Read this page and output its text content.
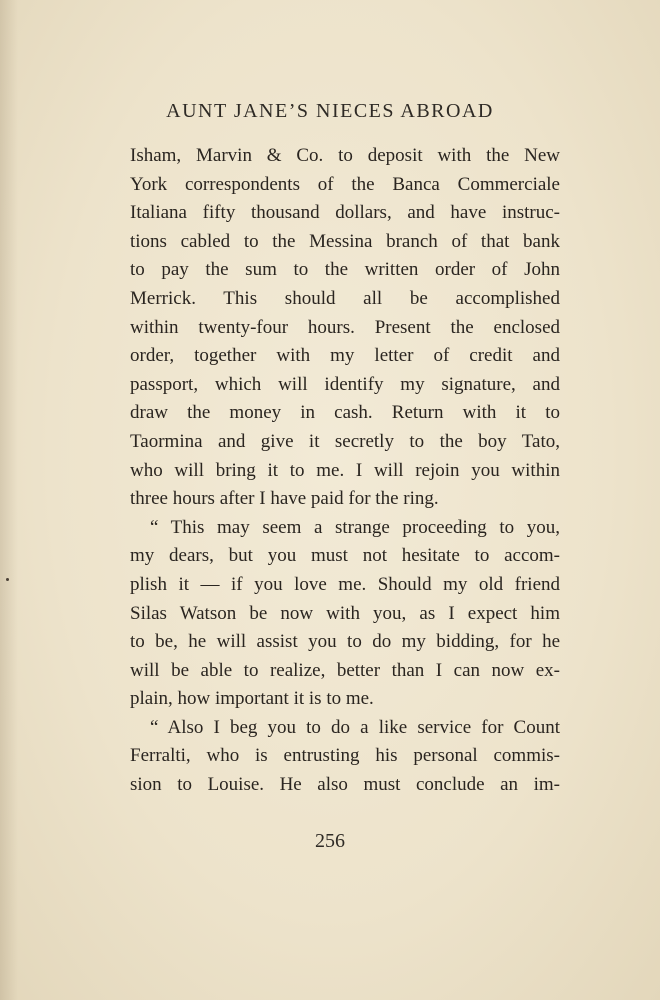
AUNT JANE’S NIECES ABROAD
Isham, Marvin & Co. to deposit with the New
York correspondents of the Banca Commerciale
Italiana fifty thousand dollars, and have instruc-
tions cabled to the Messina branch of that bank
to pay the sum to the written order of John
Merrick. This should all be accomplished
within twenty-four hours. Present the enclosed
order, together with my letter of credit and
passport, which will identify my signature, and
draw the money in cash. Return with it to
Taormina and give it secretly to the boy Tato,
who will bring it to me. I will rejoin you within
three hours after I have paid for the ring.
“ This may seem a strange proceeding to you,
my dears, but you must not hesitate to accom-
plish it — if you love me. Should my old friend
Silas Watson be now with you, as I expect him
to be, he will assist you to do my bidding, for he
will be able to realize, better than I can now ex-
plain, how important it is to me.
“ Also I beg you to do a like service for Count
Ferralti, who is entrusting his personal commis-
sion to Louise. He also must conclude an im-
256
